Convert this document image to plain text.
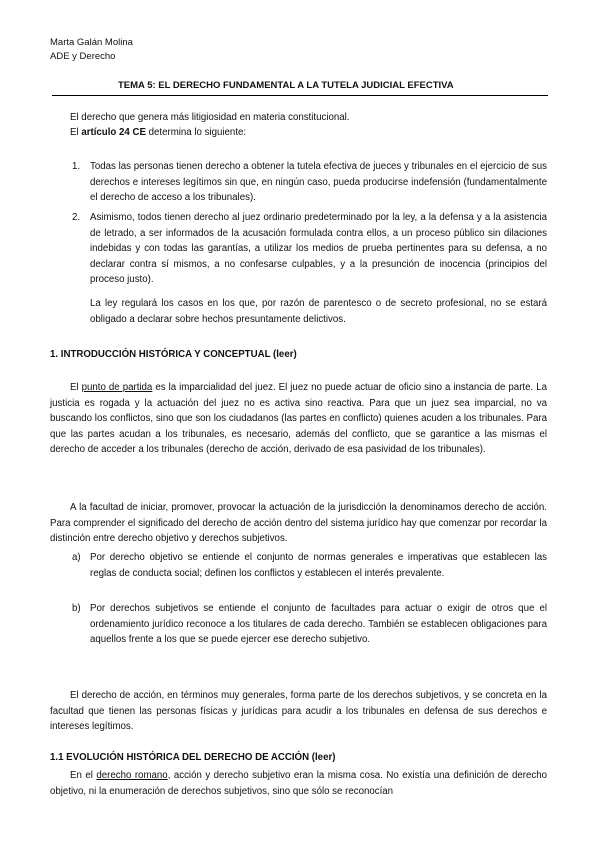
Marta Galán Molina
ADE y Derecho
TEMA 5: EL DERECHO FUNDAMENTAL A LA TUTELA JUDICIAL EFECTIVA
El derecho que genera más litigiosidad en materia constitucional.
El artículo 24 CE determina lo siguiente:
1. Todas las personas tienen derecho a obtener la tutela efectiva de jueces y tribunales en el ejercicio de sus derechos e intereses legítimos sin que, en ningún caso, pueda producirse indefensión (fundamentalmente el derecho de acceso a los tribunales).
2. Asimismo, todos tienen derecho al juez ordinario predeterminado por la ley, a la defensa y a la asistencia de letrado, a ser informados de la acusación formulada contra ellos, a un proceso público sin dilaciones indebidas y con todas las garantías, a utilizar los medios de prueba pertinentes para su defensa, a no declarar contra sí mismos, a no confesarse culpables, y a la presunción de inocencia (principios del proceso justo).
La ley regulará los casos en los que, por razón de parentesco o de secreto profesional, no se estará obligado a declarar sobre hechos presuntamente delictivos.
1. INTRODUCCIÓN HISTÓRICA Y CONCEPTUAL (leer)
El punto de partida es la imparcialidad del juez. El juez no puede actuar de oficio sino a instancia de parte. La justicia es rogada y la actuación del juez no es activa sino reactiva. Para que un juez sea imparcial, no va buscando los conflictos, sino que son los ciudadanos (las partes en conflicto) quienes acuden a los tribunales. Para que las partes acudan a los tribunales, es necesario, además del conflicto, que se garantice a las mismas el derecho de acceder a los tribunales (derecho de acción, derivado de esa pasividad de los tribunales).
A la facultad de iniciar, promover, provocar la actuación de la jurisdicción la denominamos derecho de acción. Para comprender el significado del derecho de acción dentro del sistema jurídico hay que comenzar por recordar la distinción entre derecho objetivo y derechos subjetivos.
a) Por derecho objetivo se entiende el conjunto de normas generales e imperativas que establecen las reglas de conducta social; definen los conflictos y establecen el interés prevalente.
b) Por derechos subjetivos se entiende el conjunto de facultades para actuar o exigir de otros que el ordenamiento jurídico reconoce a los titulares de cada derecho. También se establecen obligaciones para aquellos frente a los que se puede ejercer ese derecho subjetivo.
El derecho de acción, en términos muy generales, forma parte de los derechos subjetivos, y se concreta en la facultad que tienen las personas físicas y jurídicas para acudir a los tribunales en defensa de sus derechos e intereses legítimos.
1.1 EVOLUCIÓN HISTÓRICA DEL DERECHO DE ACCIÓN (leer)
En el derecho romano, acción y derecho subjetivo eran la misma cosa. No existía una definición de derecho objetivo, ni la enumeración de derechos subjetivos, sino que sólo se reconocían
